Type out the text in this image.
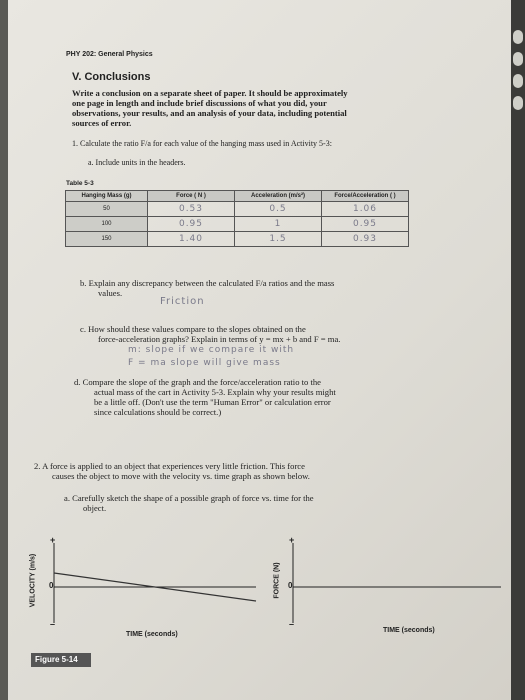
PHY 202: General Physics
V. Conclusions
Write a conclusion on a separate sheet of paper. It should be approximately
one page in length and include brief discussions of what you did, your
observations, your results, and an analysis of your data, including potential
sources of error.
1. Calculate the ratio F/a for each value of the hanging mass used in Activity 5-3:
a. Include units in the headers.
Table 5-3
Hanging Mass (g)	Force ( N )	Acceleration (m/s²)	Force/Acceleration ( )
50	0.53	0.5	1.06
100	0.95	1	0.95
150	1.40	1.5	0.93
b. Explain any discrepancy between the calculated F/a ratios and the mass
values.
Friction
c. How should these values compare to the slopes obtained on the
force-acceleration graphs? Explain in terms of y = mx + b and F = ma.
m: slope if we compare it with
F = ma slope will give mass
d. Compare the slope of the graph and the force/acceleration ratio to the
actual mass of the cart in Activity 5-3. Explain why your results might
be a little off. (Don't use the term "Human Error" or calculation error
since calculations should be correct.)
2. A force is applied to an object that experiences very little friction. This force
causes the object to move with the velocity vs. time graph as shown below.
a. Carefully sketch the shape of a possible graph of force vs. time for the
object.
+
0
–
VELOCITY (m/s)
TIME (seconds)
+
0
–
FORCE (N)
TIME (seconds)
Figure 5-14
